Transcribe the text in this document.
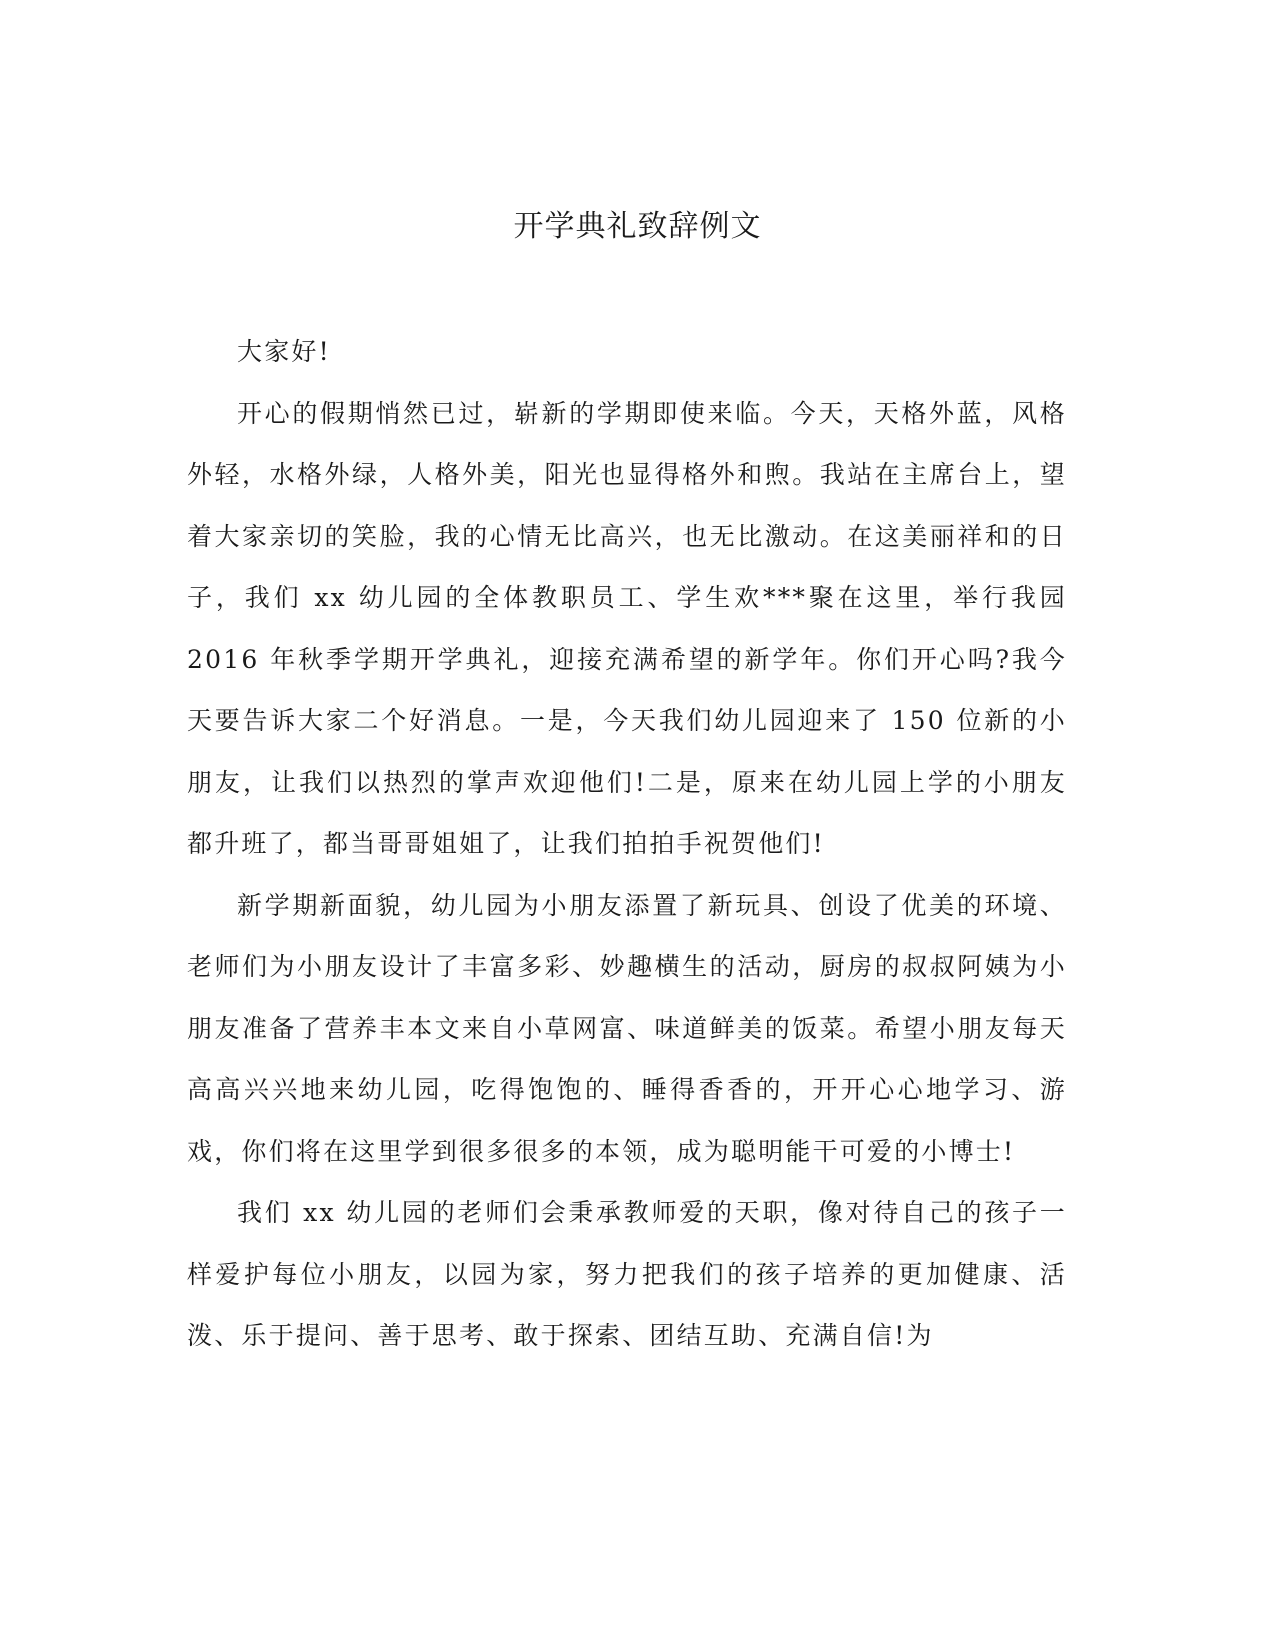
开学典礼致辞例文

大家好!

开心的假期悄然已过，崭新的学期即使来临。今天，天格外蓝，风格外轻，水格外绿，人格外美，阳光也显得格外和煦。我站在主席台上，望着大家亲切的笑脸，我的心情无比高兴，也无比激动。在这美丽祥和的日子，我们 xx 幼儿园的全体教职员工、学生欢***聚在这里，举行我园 2016 年秋季学期开学典礼，迎接充满希望的新学年。你们开心吗?我今天要告诉大家二个好消息。一是，今天我们幼儿园迎来了 150 位新的小朋友，让我们以热烈的掌声欢迎他们!二是，原来在幼儿园上学的小朋友都升班了，都当哥哥姐姐了，让我们拍拍手祝贺他们!

新学期新面貌，幼儿园为小朋友添置了新玩具、创设了优美的环境、老师们为小朋友设计了丰富多彩、妙趣横生的活动，厨房的叔叔阿姨为小朋友准备了营养丰本文来自小草网富、味道鲜美的饭菜。希望小朋友每天高高兴兴地来幼儿园，吃得饱饱的、睡得香香的，开开心心地学习、游戏，你们将在这里学到很多很多的本领，成为聪明能干可爱的小博士!

我们 xx 幼儿园的老师们会秉承教师爱的天职，像对待自己的孩子一样爱护每位小朋友，以园为家，努力把我们的孩子培养的更加健康、活泼、乐于提问、善于思考、敢于探索、团结互助、充满自信!为
